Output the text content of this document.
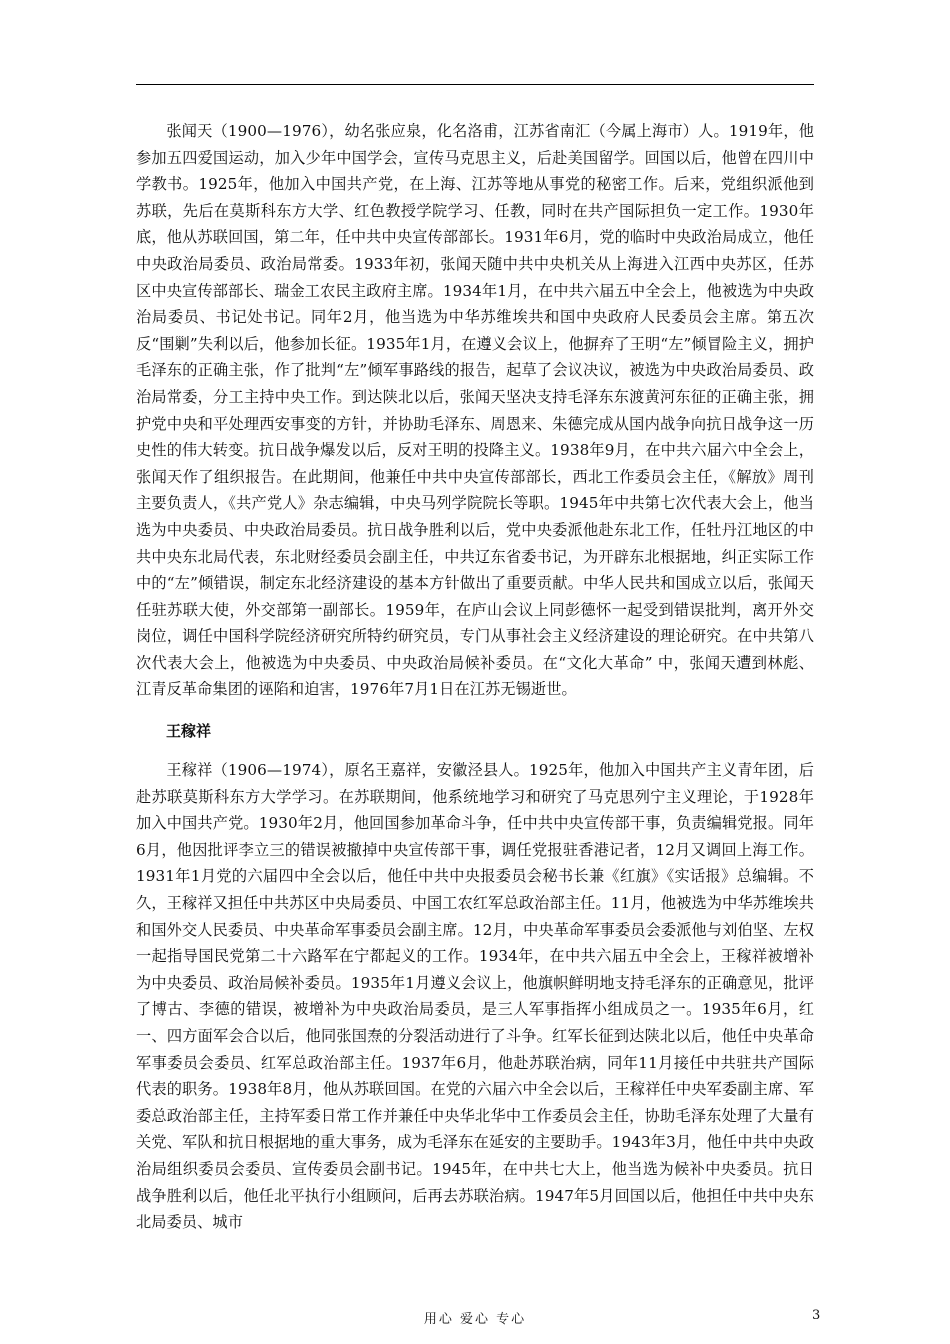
张闻天（1900—1976），幼名张应泉，化名洛甫，江苏省南汇（今属上海市）人。1919年，他参加五四爱国运动，加入少年中国学会，宣传马克思主义，后赴美国留学。回国以后，他曾在四川中学教书。1925年，他加入中国共产党，在上海、江苏等地从事党的秘密工作。后来，党组织派他到苏联，先后在莫斯科东方大学、红色教授学院学习、任教，同时在共产国际担负一定工作。1930年底，他从苏联回国，第二年，任中共中央宣传部部长。1931年6月，党的临时中央政治局成立，他任中央政治局委员、政治局常委。1933年初，张闻天随中共中央机关从上海进入江西中央苏区，任苏区中央宣传部部长、瑞金工农民主政府主席。1934年1月，在中共六届五中全会上，他被选为中央政治局委员、书记处书记。同年2月，他当选为中华苏维埃共和国中央政府人民委员会主席。第五次反“围剿”失利以后，他参加长征。1935年1月，在遵义会议上，他摒弃了王明“左”倾冒险主义，拥护毛泽东的正确主张，作了批判“左”倾军事路线的报告，起草了会议决议，被选为中央政治局委员、政治局常委，分工主持中央工作。到达陕北以后，张闻天坚决支持毛泽东东渡黄河东征的正确主张，拥护党中央和平处理西安事变的方针，并协助毛泽东、周恩来、朱德完成从国内战争向抗日战争这一历史性的伟大转变。抗日战争爆发以后，反对王明的投降主义。1938年9月，在中共六届六中全会上，张闻天作了组织报告。在此期间，他兼任中共中央宣传部部长，西北工作委员会主任，《解放》周刊主要负责人，《共产党人》杂志编辑，中央马列学院院长等职。1945年中共第七次代表大会上，他当选为中央委员、中央政治局委员。抗日战争胜利以后，党中央委派他赴东北工作，任牡丹江地区的中共中央东北局代表，东北财经委员会副主任，中共辽东省委书记，为开辟东北根据地，纠正实际工作中的“左”倾错误，制定东北经济建设的基本方针做出了重要贡献。中华人民共和国成立以后，张闻天任驻苏联大使，外交部第一副部长。1959年，在庐山会议上同彭德怀一起受到错误批判，离开外交岗位，调任中国科学院经济研究所特约研究员，专门从事社会主义经济建设的理论研究。在中共第八次代表大会上，他被选为中央委员、中央政治局候补委员。在“文化大革命” 中，张闻天遭到林彪、江青反革命集团的诬陷和迫害，1976年7月1日在江苏无锡逝世。

王稼祥

王稼祥（1906—1974），原名王嘉祥，安徽泾县人。1925年，他加入中国共产主义青年团，后赴苏联莫斯科东方大学学习。在苏联期间，他系统地学习和研究了马克思列宁主义理论，于1928年加入中国共产党。1930年2月，他回国参加革命斗争，任中共中央宣传部干事，负责编辑党报。同年6月，他因批评李立三的错误被撤掉中央宣传部干事，调任党报驻香港记者，12月又调回上海工作。1931年1月党的六届四中全会以后，他任中共中央报委员会秘书长兼《红旗》《实话报》总编辑。不久，王稼祥又担任中共苏区中央局委员、中国工农红军总政治部主任。11月，他被选为中华苏维埃共和国外交人民委员、中央革命军事委员会副主席。12月，中央革命军事委员会委派他与刘伯坚、左权一起指导国民党第二十六路军在宁都起义的工作。1934年，在中共六届五中全会上，王稼祥被增补为中央委员、政治局候补委员。1935年1月遵义会议上，他旗帜鲜明地支持毛泽东的正确意见，批评了博古、李德的错误，被增补为中央政治局委员，是三人军事指挥小组成员之一。1935年6月，红一、四方面军会合以后，他同张国焘的分裂活动进行了斗争。红军长征到达陕北以后，他任中央革命军事委员会委员、红军总政治部主任。1937年6月，他赴苏联治病，同年11月接任中共驻共产国际代表的职务。1938年8月，他从苏联回国。在党的六届六中全会以后，王稼祥任中央军委副主席、军委总政治部主任，主持军委日常工作并兼任中央华北华中工作委员会主任，协助毛泽东处理了大量有关党、军队和抗日根据地的重大事务，成为毛泽东在延安的主要助手。1943年3月，他任中共中央政治局组织委员会委员、宣传委员会副书记。1945年，在中共七大上，他当选为候补中央委员。抗日战争胜利以后，他任北平执行小组顾问，后再去苏联治病。1947年5月回国以后，他担任中共中央东北局委员、城市

用心 爱心 专心	3
